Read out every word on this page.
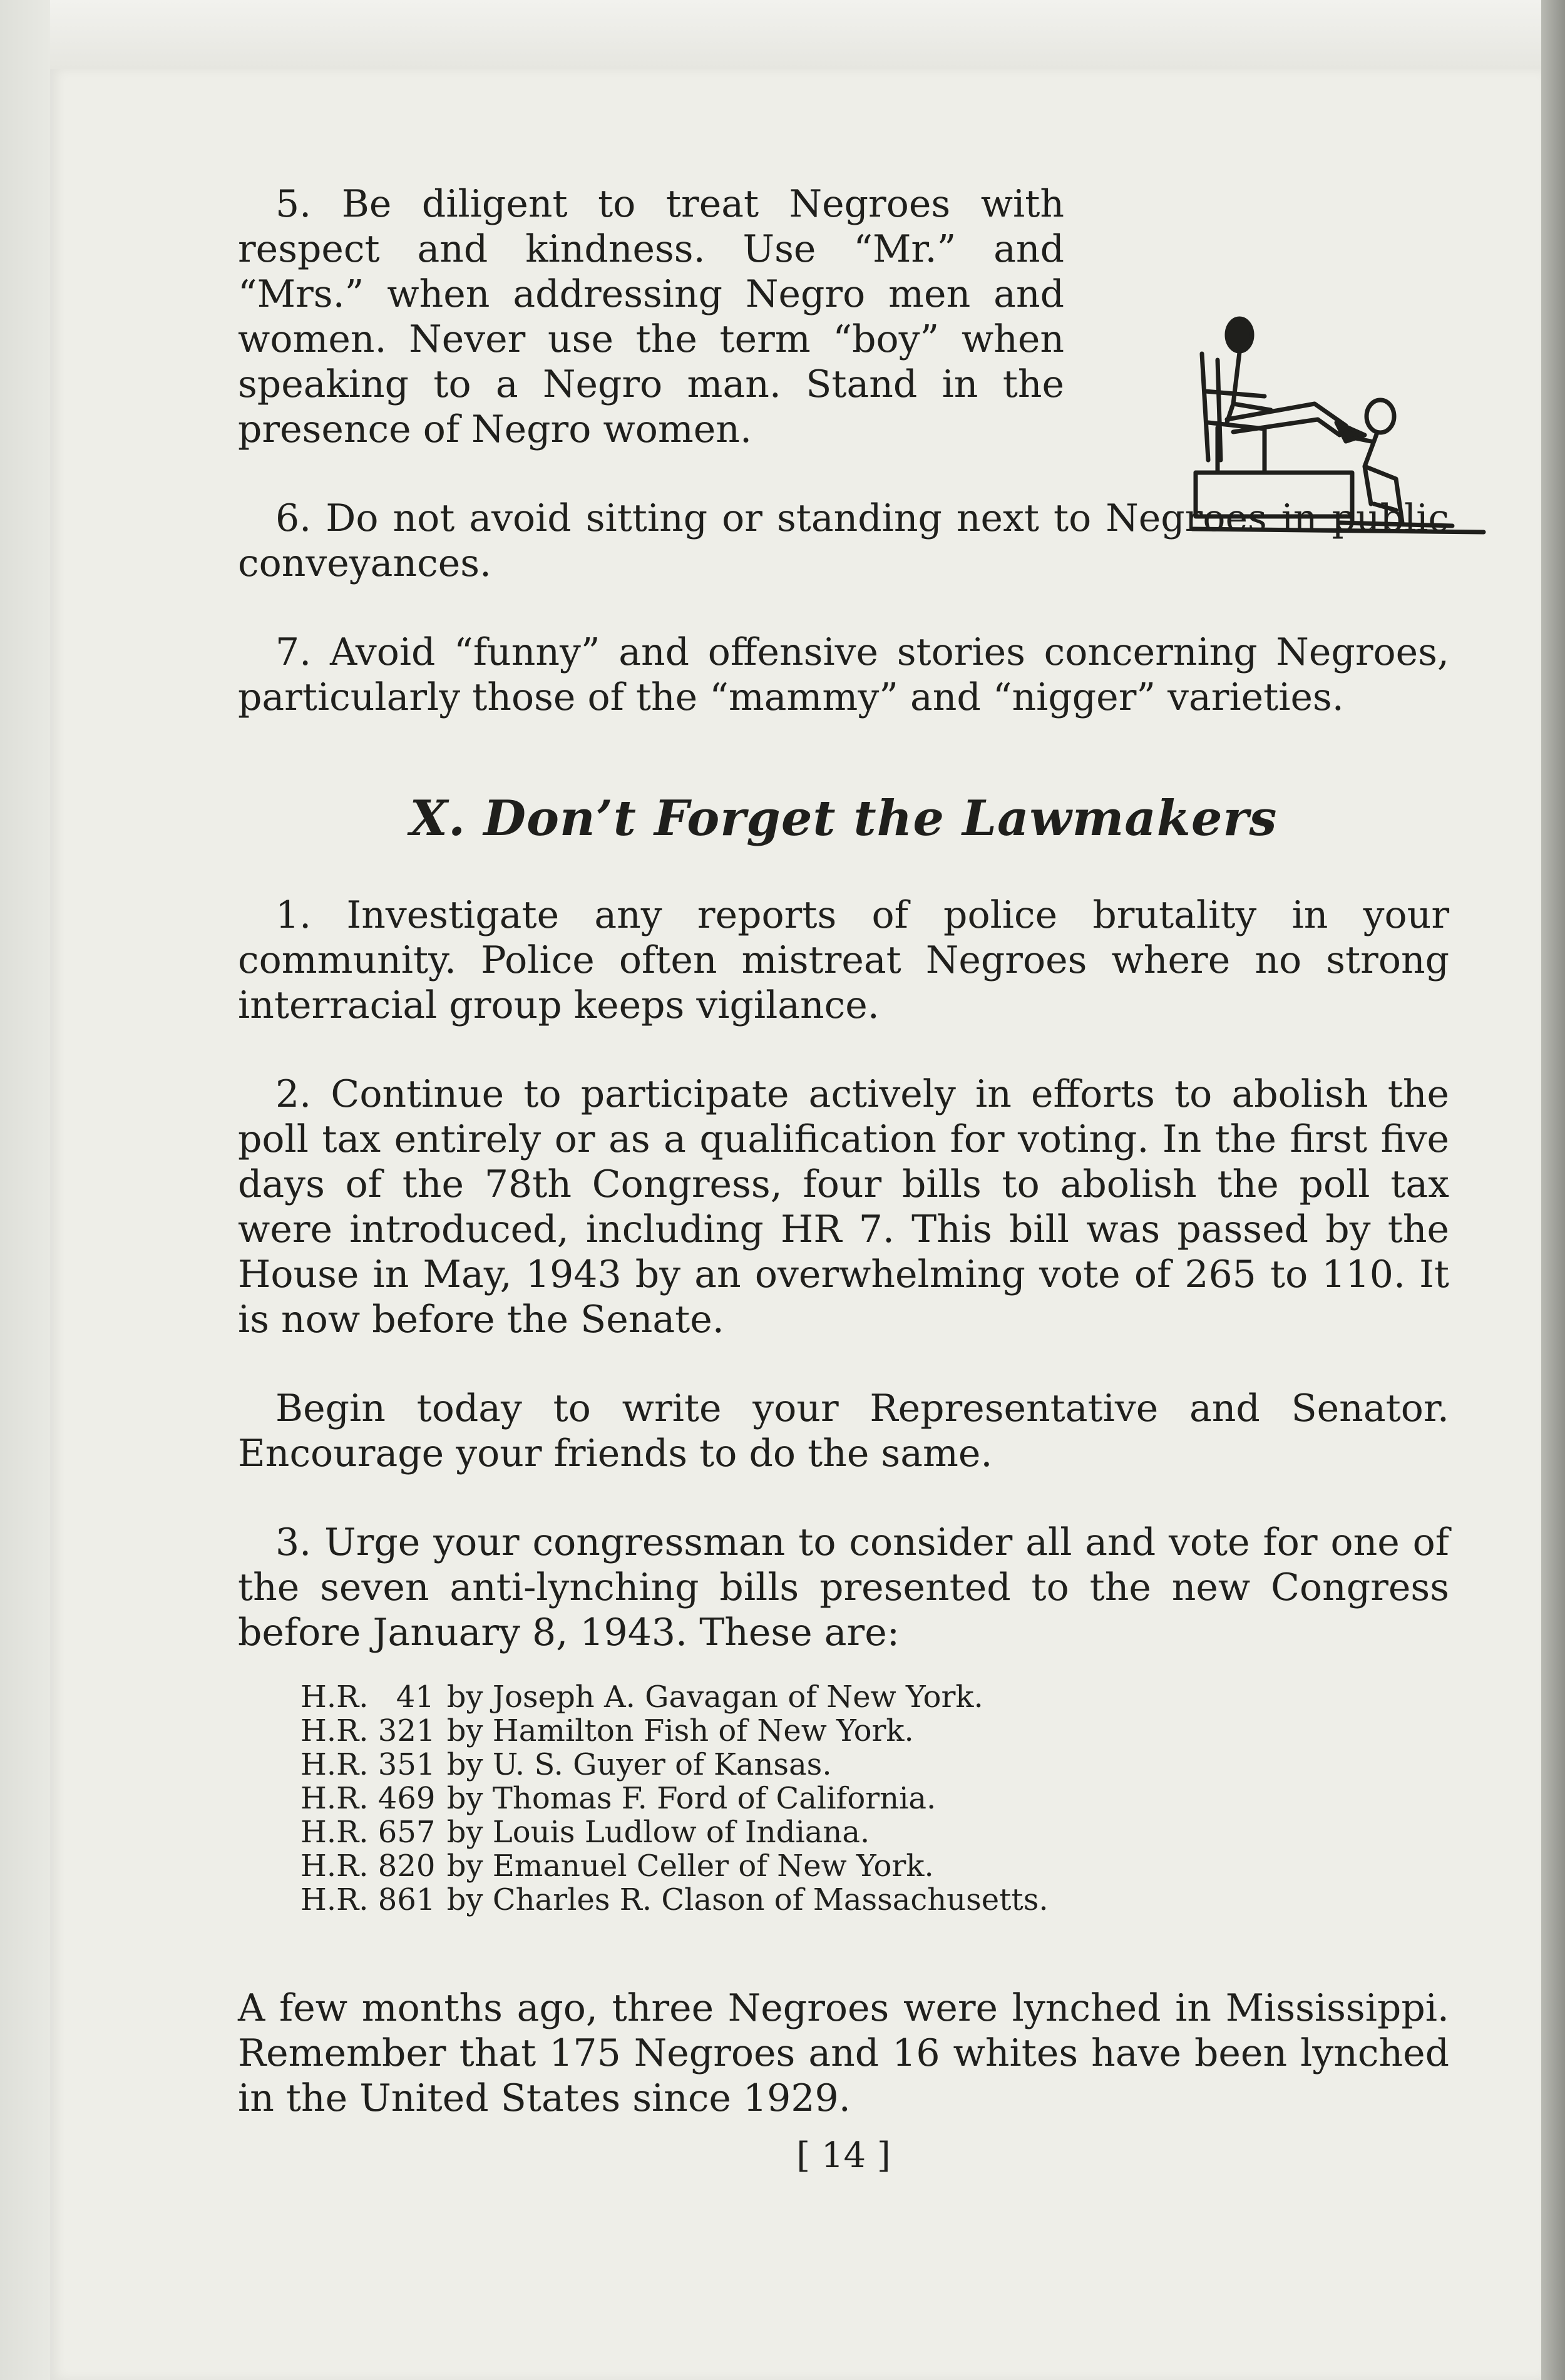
5. Be diligent to treat Negroes with respect and kindness. Use “Mr.” and “Mrs.” when addressing Negro men and women. Never use the term “boy” when speaking to a Negro man. Stand in the presence of Negro women.

6. Do not avoid sitting or standing next to Negroes in public conveyances.

7. Avoid “funny” and offensive stories concerning Negroes, particularly those of the “mammy” and “nigger” varieties.

X. Don’t Forget the Lawmakers

1. Investigate any reports of police brutality in your community. Police often mistreat Negroes where no strong interracial group keeps vigilance.

2. Continue to participate actively in efforts to abolish the poll tax entirely or as a qualification for voting. In the first five days of the 78th Congress, four bills to abolish the poll tax were introduced, including HR 7. This bill was passed by the House in May, 1943 by an overwhelming vote of 265 to 110. It is now before the Senate.

Begin today to write your Representative and Senator. Encourage your friends to do the same.

3. Urge your congressman to consider all and vote for one of the seven anti-lynching bills presented to the new Congress before January 8, 1943. These are:

H.R. 41 by Joseph A. Gavagan of New York.
H.R. 321 by Hamilton Fish of New York.
H.R. 351 by U. S. Guyer of Kansas.
H.R. 469 by Thomas F. Ford of California.
H.R. 657 by Louis Ludlow of Indiana.
H.R. 820 by Emanuel Celler of New York.
H.R. 861 by Charles R. Clason of Massachusetts.

A few months ago, three Negroes were lynched in Mississippi. Remember that 175 Negroes and 16 whites have been lynched in the United States since 1929.

[ 14 ]
